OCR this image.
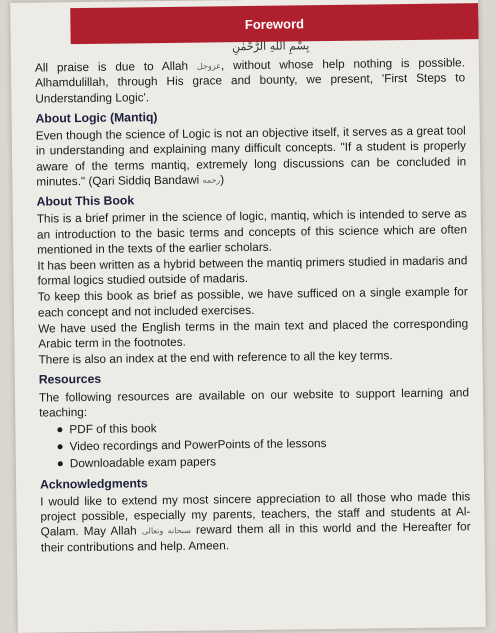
Foreword
بِسْمِ اللهِ الرَّحْمٰنِ

All praise is due to Allah عزوجل, without whose help nothing is possible. Alhamdulillah, through His grace and bounty, we present, 'First Steps to Understanding Logic'.

About Logic (Mantiq)

Even though the science of Logic is not an objective itself, it serves as a great tool in understanding and explaining many difficult concepts. "If a student is properly aware of the terms mantiq, extremely long discussions can be concluded in minutes." (Qari Siddiq Bandawi رحمه)

About This Book

This is a brief primer in the science of logic, mantiq, which is intended to serve as an introduction to the basic terms and concepts of this science which are often mentioned in the texts of the earlier scholars.

It has been written as a hybrid between the mantiq primers studied in madaris and formal logics studied outside of madaris.

To keep this book as brief as possible, we have sufficed on a single example for each concept and not included exercises.

We have used the English terms in the main text and placed the corresponding Arabic term in the footnotes.

There is also an index at the end with reference to all the key terms.

Resources

The following resources are available on our website to support learning and teaching:

PDF of this book
Video recordings and PowerPoints of the lessons
Downloadable exam papers
Acknowledgments

I would like to extend my most sincere appreciation to all those who made this project possible, especially my parents, teachers, the staff and students at Al-Qalam. May Allah سبحانه وتعالى reward them all in this world and the Hereafter for their contributions and help. Ameen.
